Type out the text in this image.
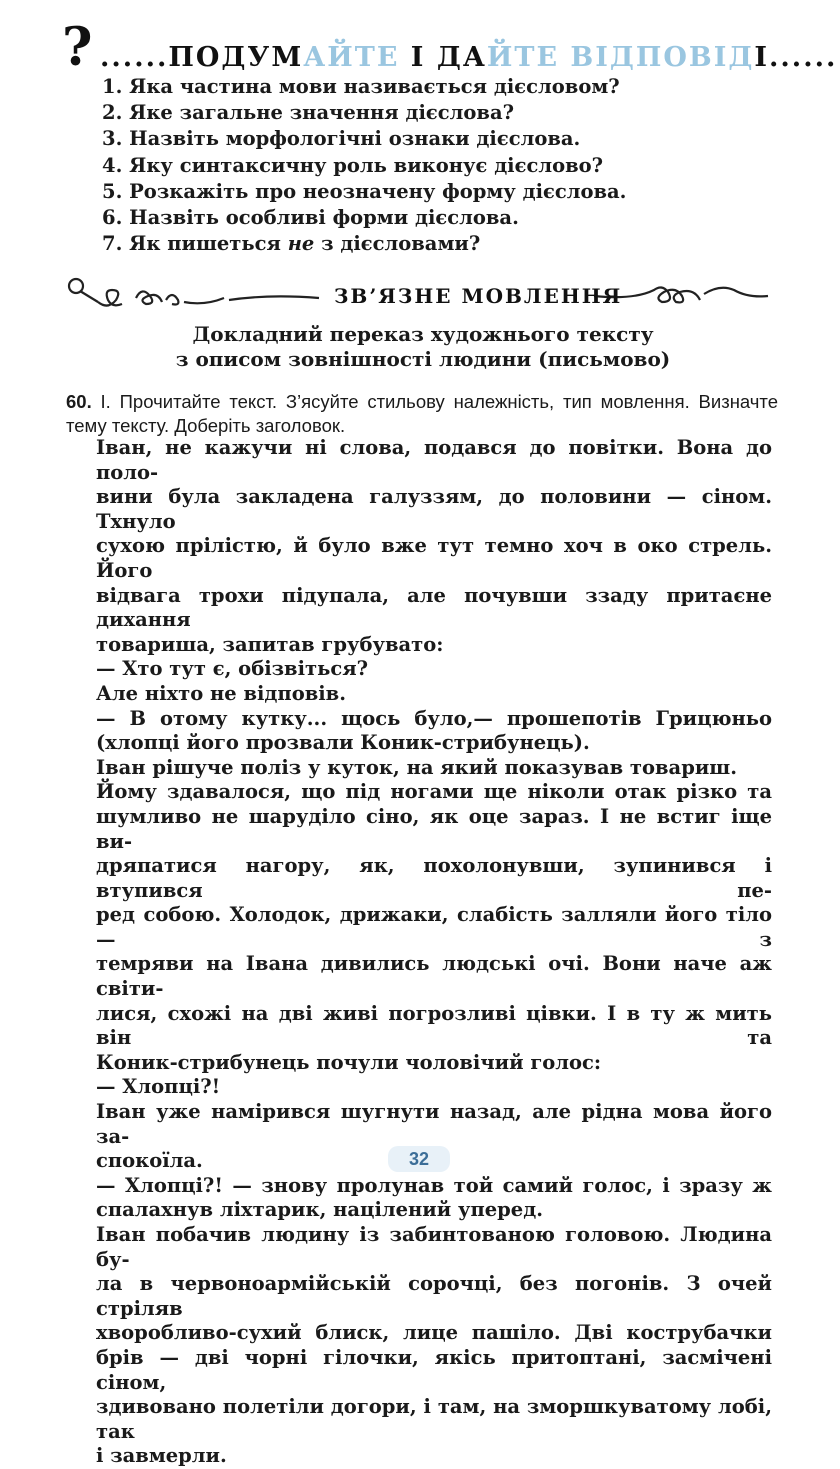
? ......ПОДУМАЙТЕ І ДАЙТЕ ВІДПОВІДІ......
1. Яка частина мови називається дієсловом?
2. Яке загальне значення дієслова?
3. Назвіть морфологічні ознаки дієслова.
4. Яку синтаксичну роль виконує дієслово?
5. Розкажіть про неозначену форму дієслова.
6. Назвіть особливі форми дієслова.
7. Як пишеться не з дієсловами?
ЗВ’ЯЗНЕ МОВЛЕННЯ
Докладний переказ художнього тексту
з описом зовнішності людини (письмово)
60. І. Прочитайте текст. З’ясуйте стильову належність, тип мовлення. Визначте тему тексту. Доберіть заголовок.
Іван, не кажучи ні слова, подався до повітки. Вона до поло-
вини була закладена галуззям, до половини — сіном. Тхнуло
сухою прілістю, й було вже тут темно хоч в око стрель. Його
відвага трохи підупала, але почувши ззаду притаєне дихання
товариша, запитав грубувато:
— Хто тут є, обізвіться?
Але ніхто не відповів.
— В отому кутку... щось було,— прошепотів Грицюньо
(хлопці його прозвали Коник-стрибунець).
Іван рішуче поліз у куток, на який показував товариш.
Йому здавалося, що під ногами ще ніколи отак різко та
шумливо не шаруділо сіно, як оце зараз. І не встиг іще ви-
дряпатися нагору, як, похолонувши, зупинився і втупився пе-
ред собою. Холодок, дрижаки, слабість залляли його тіло — з
темряви на Івана дивились людські очі. Вони наче аж світи-
лися, схожі на дві живі погрозливі цівки. І в ту ж мить він та
Коник-стрибунець почули чоловічий голос:
— Хлопці?!
Іван уже намірився шугнути назад, але рідна мова його за-
спокоїла.
— Хлопці?! — знову пролунав той самий голос, і зразу ж
спалахнув ліхтарик, націлений уперед.
Іван побачив людину із забинтованою головою. Людина бу-
ла в червоноармійській сорочці, без погонів. З очей стріляв
хворобливо-сухий блиск, лице пашіло. Дві кострубачки
брів — дві чорні гілочки, якісь притоптані, засмічені сіном,
здивовано полетіли догори, і там, на зморшкуватому лобі, так
і завмерли.
32
